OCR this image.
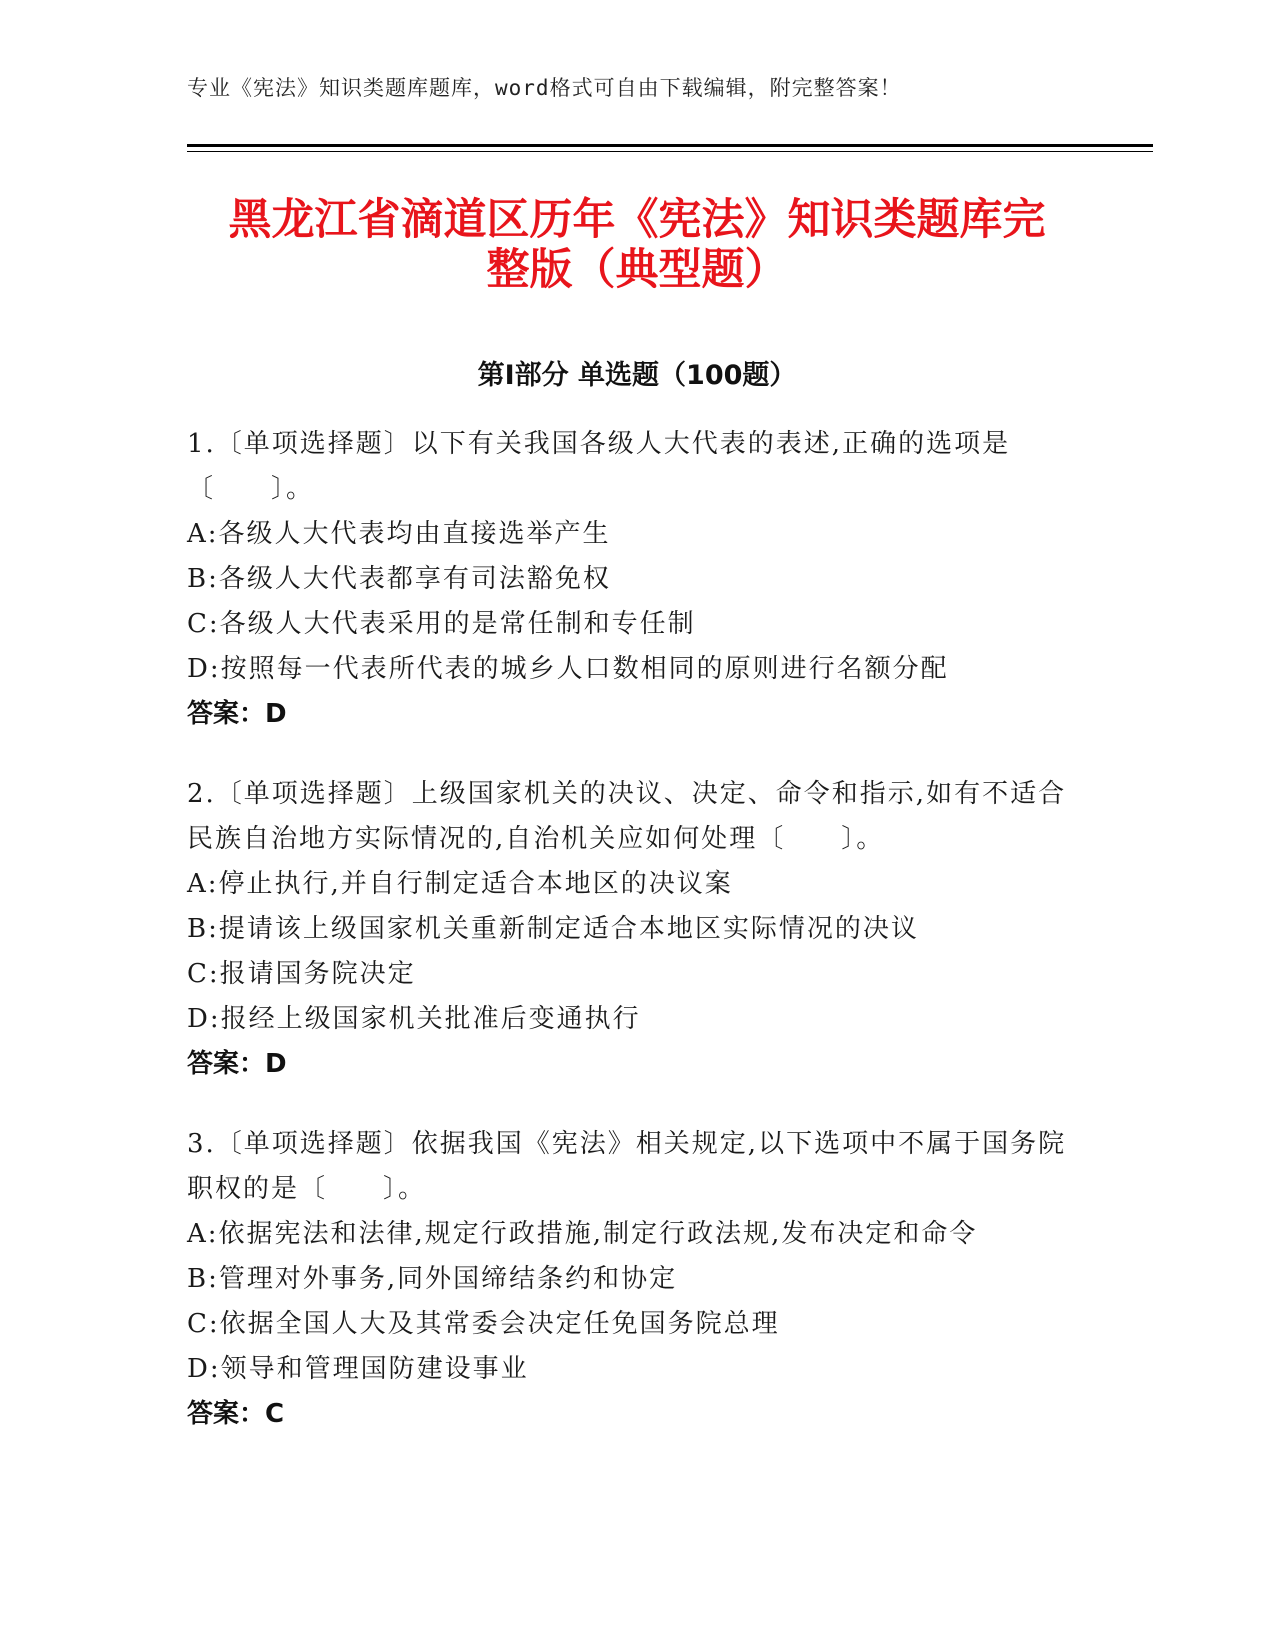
专业《宪法》知识类题库题库，word格式可自由下载编辑，附完整答案！
黑龙江省滴道区历年《宪法》知识类题库完
整版（典型题）
第Ⅰ部分 单选题（100题）

1.〔单项选择题〕以下有关我国各级人大代表的表述,正确的选项是〔　　〕。

A:各级人大代表均由直接选举产生

B:各级人大代表都享有司法豁免权

C:各级人大代表采用的是常任制和专任制

D:按照每一代表所代表的城乡人口数相同的原则进行名额分配

答案：D

2.〔单项选择题〕上级国家机关的决议、决定、命令和指示,如有不适合民族自治地方实际情况的,自治机关应如何处理〔　　〕。

A:停止执行,并自行制定适合本地区的决议案

B:提请该上级国家机关重新制定适合本地区实际情况的决议

C:报请国务院决定

D:报经上级国家机关批准后变通执行

答案：D

3.〔单项选择题〕依据我国《宪法》相关规定,以下选项中不属于国务院职权的是〔　　〕。

A:依据宪法和法律,规定行政措施,制定行政法规,发布决定和命令

B:管理对外事务,同外国缔结条约和协定

C:依据全国人大及其常委会决定任免国务院总理

D:领导和管理国防建设事业

答案：C
